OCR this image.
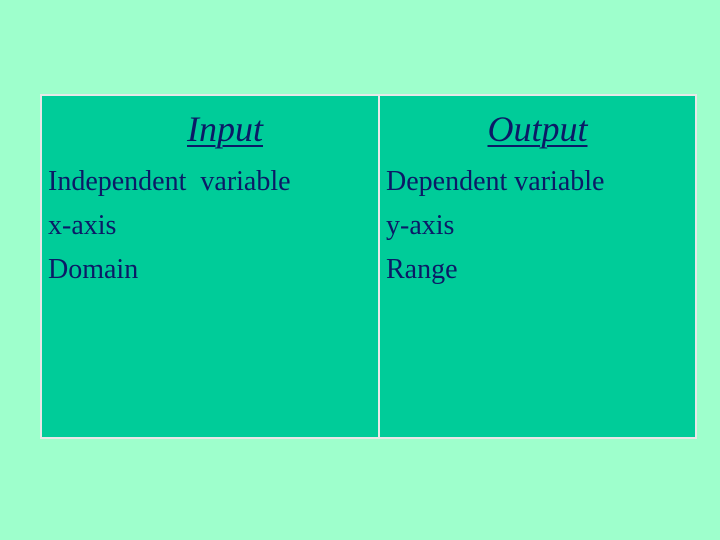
Input
Independent  variable
x-axis
Domain
Output
Dependent variable
y-axis
Range
